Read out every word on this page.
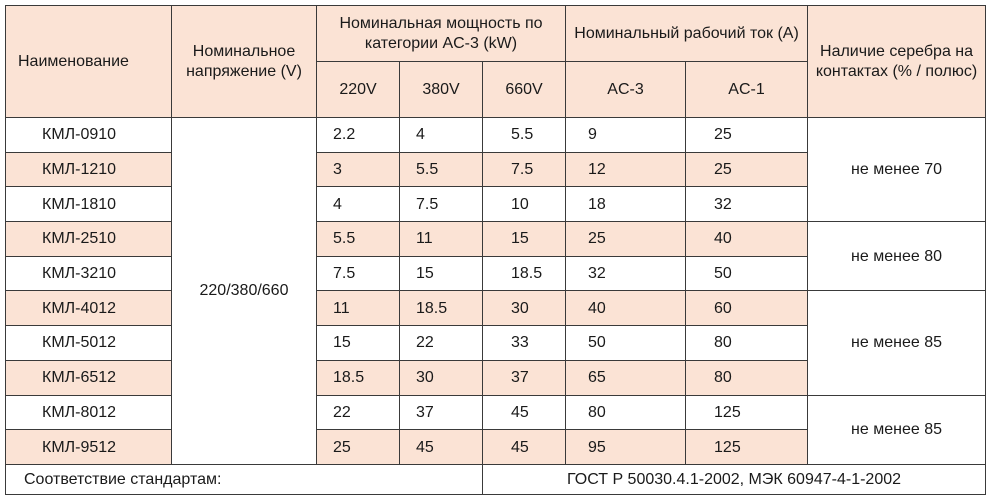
Наименование	Номинальное напряжение (V)	Номинальная мощность по категории AC-3 (kW)			Номинальный рабочий ток (A)		Наличие серебра на контактах (% / полюс)
		220V	380V	660V	AC-3	AC-1	
КМЛ-0910	220/380/660	2.2	4	5.5	9	25	не менее 70
КМЛ-1210		3	5.5	7.5	12	25	
КМЛ-1810		4	7.5	10	18	32	
КМЛ-2510		5.5	11	15	25	40	не менее 80
КМЛ-3210		7.5	15	18.5	32	50	
КМЛ-4012		11	18.5	30	40	60	не менее 85
КМЛ-5012		15	22	33	50	80	
КМЛ-6512		18.5	30	37	65	80	
КМЛ-8012		22	37	45	80	125	не менее 85
КМЛ-9512		25	45	45	95	125	
Соответствие стандартам:				ГОСТ Р 50030.4.1-2002, МЭК 60947-4-1-2002			
